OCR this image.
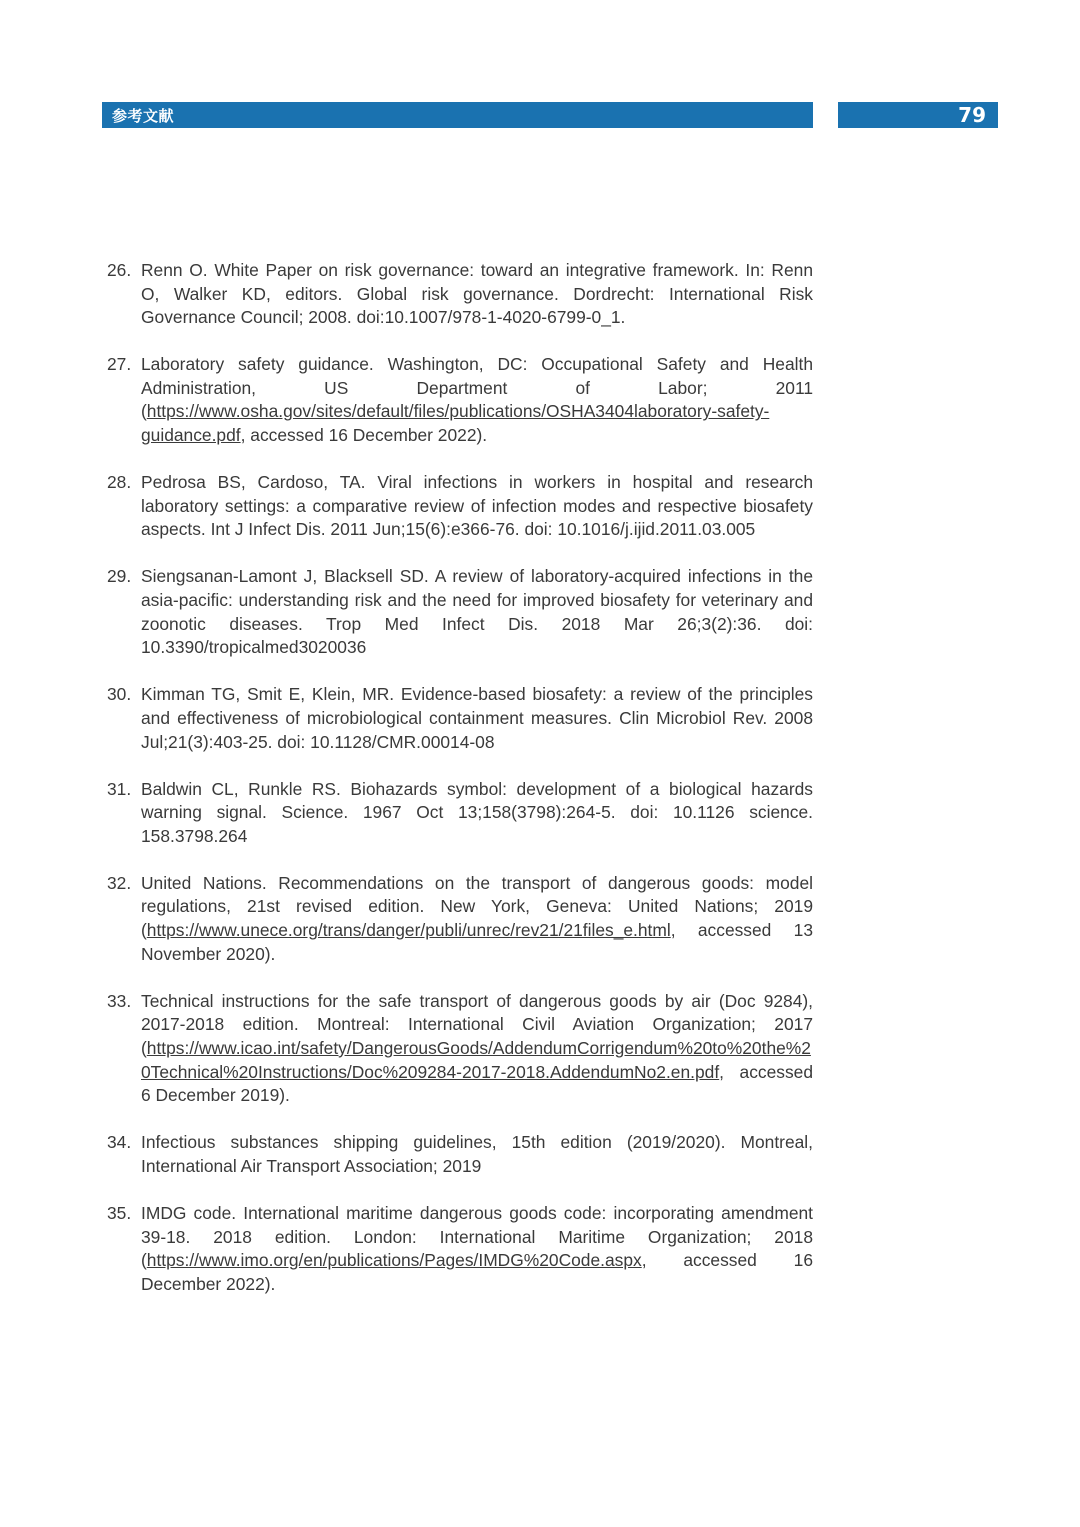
参考文献	79
26. Renn O. White Paper on risk governance: toward an integrative framework. In: Renn O, Walker KD, editors. Global risk governance. Dordrecht: International Risk Governance Council; 2008. doi:10.1007/978-1-4020-6799-0_1.
27. Laboratory safety guidance. Washington, DC: Occupational Safety and Health Administration, US Department of Labor; 2011 (https://www.osha.gov/sites/default/files/publications/OSHA3404laboratory-safety-guidance.pdf, accessed 16 December 2022).
28. Pedrosa BS, Cardoso, TA. Viral infections in workers in hospital and research laboratory settings: a comparative review of infection modes and respective biosafety aspects. Int J Infect Dis. 2011 Jun;15(6):e366-76. doi: 10.1016/j.ijid.2011.03.005
29. Siengsanan-Lamont J, Blacksell SD. A review of laboratory-acquired infections in the asia-pacific: understanding risk and the need for improved biosafety for veterinary and zoonotic diseases. Trop Med Infect Dis. 2018 Mar 26;3(2):36. doi: 10.3390/tropicalmed3020036
30. Kimman TG, Smit E, Klein, MR. Evidence-based biosafety: a review of the principles and effectiveness of microbiological containment measures. Clin Microbiol Rev. 2008 Jul;21(3):403-25. doi: 10.1128/CMR.00014-08
31. Baldwin CL, Runkle RS. Biohazards symbol: development of a biological hazards warning signal. Science. 1967 Oct 13;158(3798):264-5. doi: 10.1126 science. 158.3798.264
32. United Nations. Recommendations on the transport of dangerous goods: model regulations, 21st revised edition. New York, Geneva: United Nations; 2019 (https://www.unece.org/trans/danger/publi/unrec/rev21/21files_e.html, accessed 13 November 2020).
33. Technical instructions for the safe transport of dangerous goods by air (Doc 9284), 2017-2018 edition. Montreal: International Civil Aviation Organization; 2017 (https://www.icao.int/safety/DangerousGoods/AddendumCorrigendum%20to%20the%20Technical%20Instructions/Doc%209284-2017-2018.AddendumNo2.en.pdf, accessed 6 December 2019).
34. Infectious substances shipping guidelines, 15th edition (2019/2020). Montreal, International Air Transport Association; 2019
35. IMDG code. International maritime dangerous goods code: incorporating amendment 39-18. 2018 edition. London: International Maritime Organization; 2018 (https://www.imo.org/en/publications/Pages/IMDG%20Code.aspx, accessed 16 December 2022).
